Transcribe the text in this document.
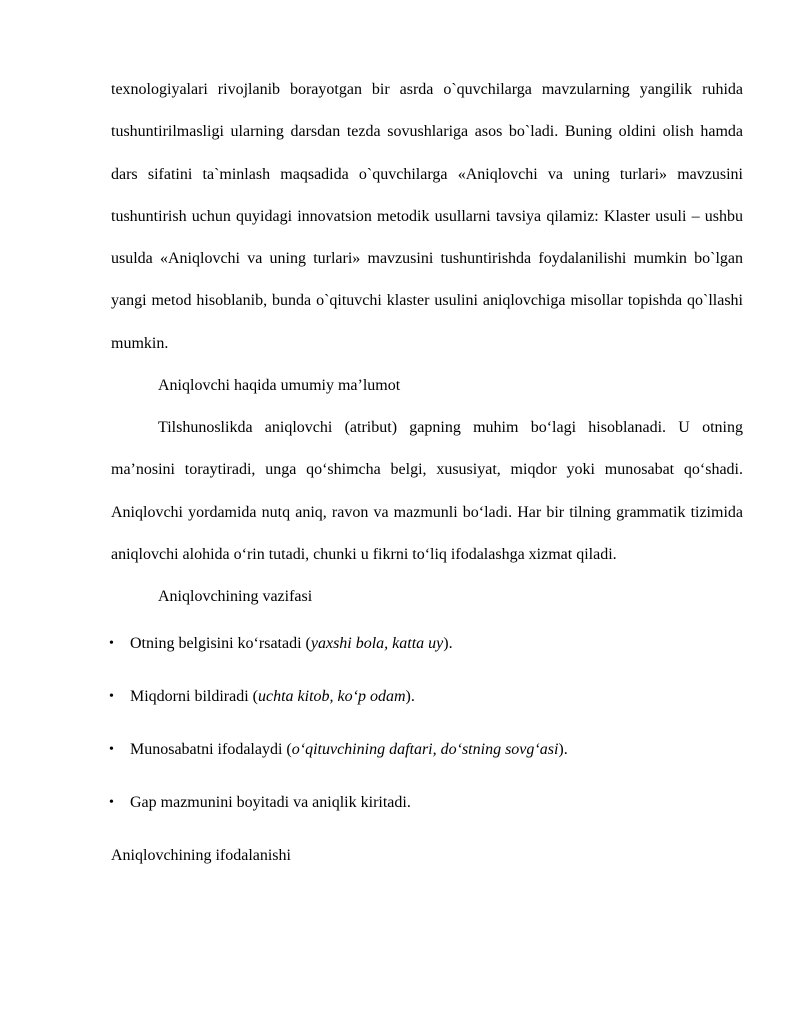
texnologiyalari rivojlanib borayotgan bir asrda o`quvchilarga mavzularning yangilik ruhida tushuntirilmasligi ularning darsdan tezda sovushlariga asos bo`ladi. Buning oldini olish hamda dars sifatini ta`minlash maqsadida o`quvchilarga «Aniqlovchi va uning turlari» mavzusini tushuntirish uchun quyidagi innovatsion metodik usullarni tavsiya qilamiz: Klaster usuli – ushbu usulda «Aniqlovchi va uning turlari» mavzusini tushuntirishda foydalanilishi mumkin bo`lgan yangi metod hisoblanib, bunda o`qituvchi klaster usulini aniqlovchiga misollar topishda qo`llashi mumkin.

Aniqlovchi haqida umumiy ma’lumot

Tilshunoslikda aniqlovchi (atribut) gapning muhim bo‘lagi hisoblanadi. U otning ma’nosini toraytiradi, unga qo‘shimcha belgi, xususiyat, miqdor yoki munosabat qo‘shadi. Aniqlovchi yordamida nutq aniq, ravon va mazmunli bo‘ladi. Har bir tilning grammatik tizimida aniqlovchi alohida o‘rin tutadi, chunki u fikrni to‘liq ifodalashga xizmat qiladi.

Aniqlovchining vazifasi

• Otning belgisini ko‘rsatadi (yaxshi bola, katta uy).
• Miqdorni bildiradi (uchta kitob, ko‘p odam).
• Munosabatni ifodalaydi (o‘qituvchining daftari, do‘stning sovg‘asi).
• Gap mazmunini boyitadi va aniqlik kiritadi.

Aniqlovchining ifodalanishi
